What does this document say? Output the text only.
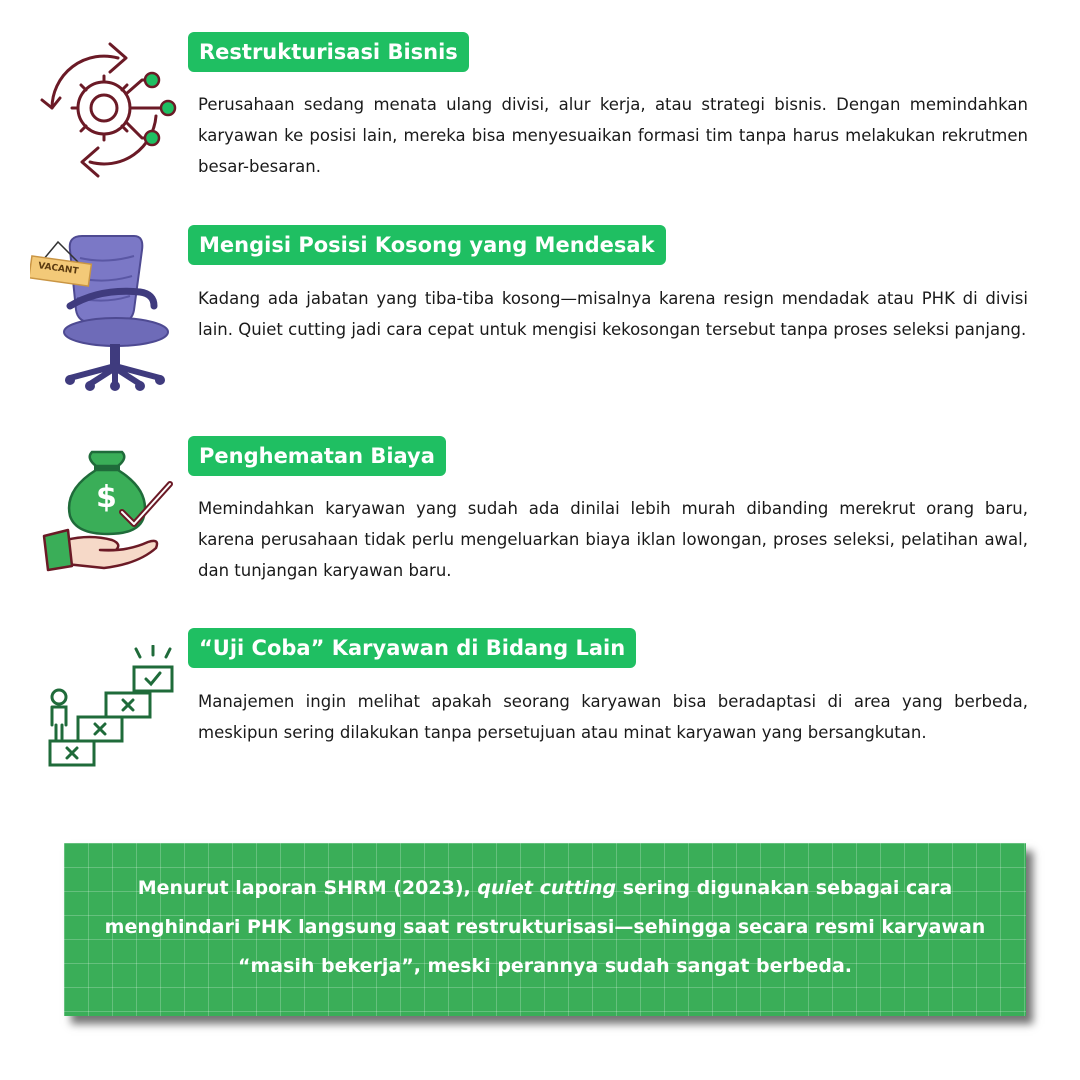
Restrukturisasi Bisnis

Perusahaan sedang menata ulang divisi, alur kerja, atau strategi bisnis. Dengan memindahkan karyawan ke posisi lain, mereka bisa menyesuaikan formasi tim tanpa harus melakukan rekrutmen besar-besaran.

VACANT
Mengisi Posisi Kosong yang Mendesak

Kadang ada jabatan yang tiba-tiba kosong—misalnya karena resign mendadak atau PHK di divisi lain. Quiet cutting jadi cara cepat untuk mengisi kekosongan tersebut tanpa proses seleksi panjang.

$
Penghematan Biaya

Memindahkan karyawan yang sudah ada dinilai lebih murah dibanding merekrut orang baru, karena perusahaan tidak perlu mengeluarkan biaya iklan lowongan, proses seleksi, pelatihan awal, dan tunjangan karyawan baru.

“Uji Coba” Karyawan di Bidang Lain

Manajemen ingin melihat apakah seorang karyawan bisa beradaptasi di area yang berbeda, meskipun sering dilakukan tanpa persetujuan atau minat karyawan yang bersangkutan.

Menurut laporan SHRM (2023), quiet cutting sering digunakan sebagai cara menghindari PHK langsung saat restrukturisasi—sehingga secara resmi karyawan “masih bekerja”, meski perannya sudah sangat berbeda.
